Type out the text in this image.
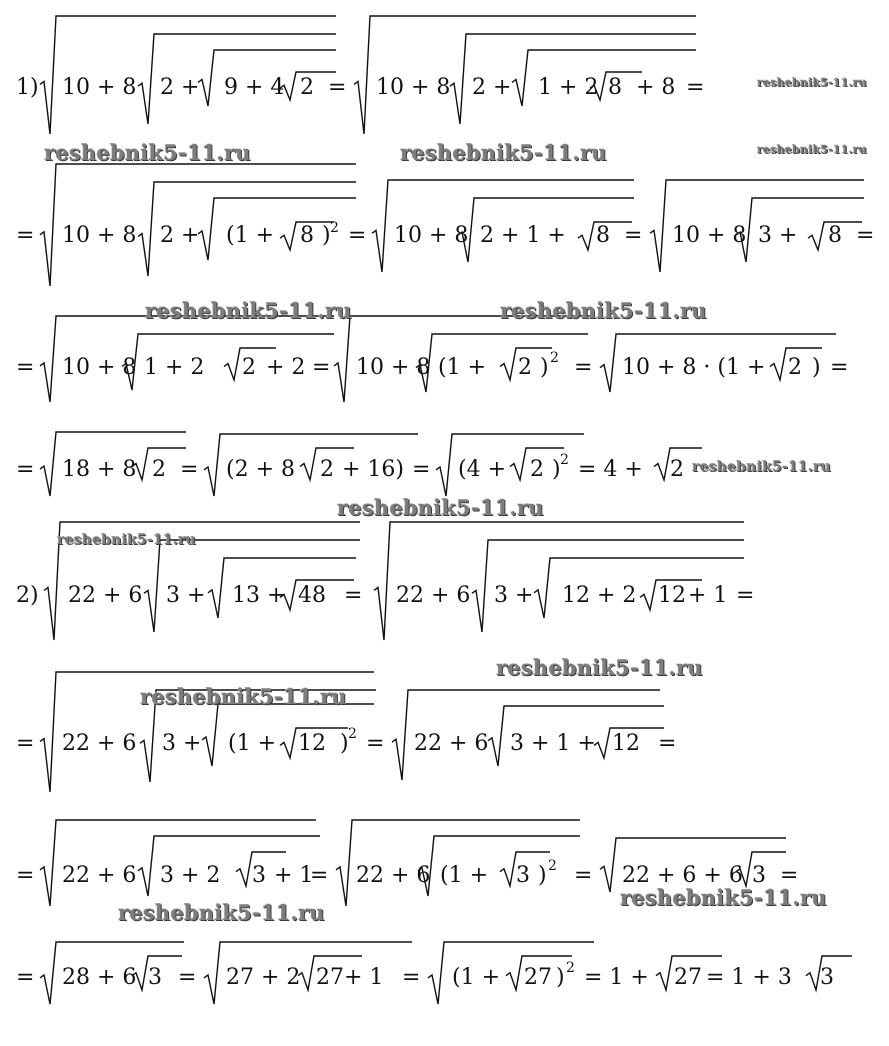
1) 10 + 8 2 + 9 + 4 2 = 10 + 8 2 + 1 + 2 8 + 8 =
= 10 + 8 2 + (1 + 8 ) 2 = 10 + 8 2 + 1 + 8 = 10 + 8 3 + 8 =
= 10 + 8 1 + 2 2 + 2 = 10 + 8 (1 + 2 ) 2 = 10 + 8 · (1 + 2 ) =
= 18 + 8 2 = (2 + 8 2 + 16) = (4 + 2 ) 2 = 4 + 2
2) 22 + 6 3 + 13 + 48 = 22 + 6 3 + 12 + 2 12 + 1 =
= 22 + 6 3 + (1 + 12 ) 2 = 22 + 6 3 + 1 + 12 =
= 22 + 6 3 + 2 3 + 1
= 22 + 6 (1 + 3 ) 2 = 22 + 6 + 6 3 =
= 28 + 6 3 = 27 + 2 27 + 1 = (1 + 27 ) 2 = 1 + 27 = 1 + 3 3
reshebnik5-11.ru
reshebnik5-11.ru
reshebnik5-11.ru	reshebnik5-11.ru
reshebnik5-11.ru	reshebnik5-11.ru
reshebnik5-11.ru
reshebnik5-11.ru
reshebnik5-11.ru
reshebnik5-11.ru
reshebnik5-11.ru
reshebnik5-11.ru
reshebnik5-11.ru
